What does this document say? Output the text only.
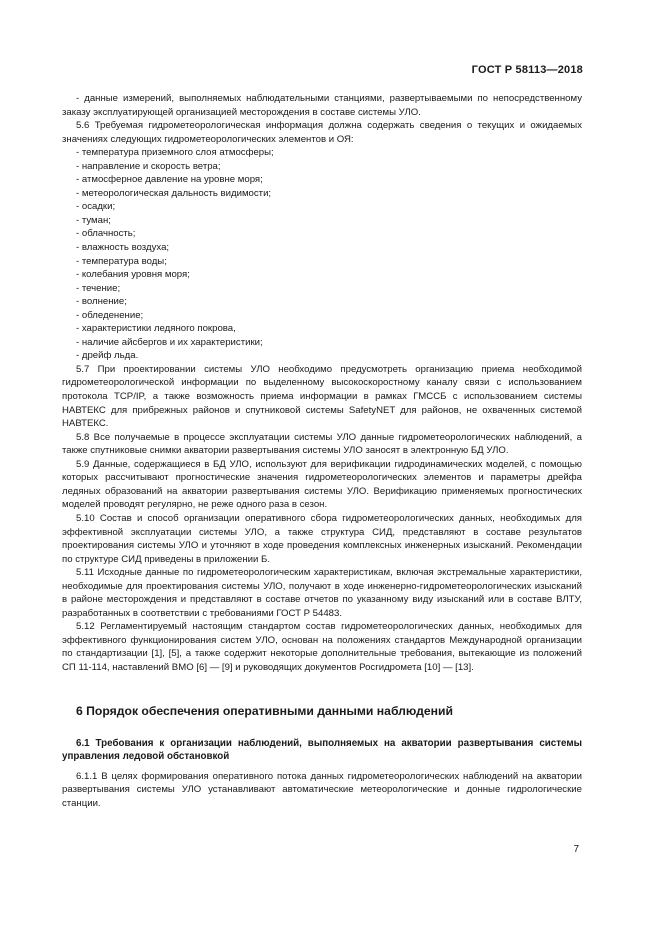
ГОСТ Р 58113—2018

- данные измерений, выполняемых наблюдательными станциями, развертываемыми по непосредственному заказу эксплуатирующей организацией месторождения в составе системы УЛО.

5.6 Требуемая гидрометеорологическая информация должна содержать сведения о текущих и ожидаемых значениях следующих гидрометеорологических элементов и ОЯ:

- температура приземного слоя атмосферы;

- направление и скорость ветра;

- атмосферное давление на уровне моря;

- метеорологическая дальность видимости;

- осадки;

- туман;

- облачность;

- влажность воздуха;

- температура воды;

- колебания уровня моря;

- течение;

- волнение;

- обледенение;

- характеристики ледяного покрова,

- наличие айсбергов и их характеристики;

- дрейф льда.

5.7 При проектировании системы УЛО необходимо предусмотреть организацию приема необходимой гидрометеорологической информации по выделенному высокоскоростному каналу связи с использованием протокола TCP/IP, а также возможность приема информации в рамках ГМССБ с использованием системы НАВТЕКС для прибрежных районов и спутниковой системы SafetyNET для районов, не охваченных системой НАВТЕКС.

5.8 Все получаемые в процессе эксплуатации системы УЛО данные гидрометеорологических наблюдений, а также спутниковые снимки акватории развертывания системы УЛО заносят в электронную БД УЛО.

5.9 Данные, содержащиеся в БД УЛО, используют для верификации гидродинамических моделей, с помощью которых рассчитывают прогностические значения гидрометеорологических элементов и параметры дрейфа ледяных образований на акватории развертывания системы УЛО. Верификацию применяемых прогностических моделей проводят регулярно, не реже одного раза в сезон.

5.10 Состав и способ организации оперативного сбора гидрометеорологических данных, необходимых для эффективной эксплуатации системы УЛО, а также структура СИД, представляют в составе результатов проектирования системы УЛО и уточняют в ходе проведения комплексных инженерных изысканий. Рекомендации по структуре СИД приведены в приложении Б.

5.11 Исходные данные по гидрометеорологическим характеристикам, включая экстремальные характеристики, необходимые для проектирования системы УЛО, получают в ходе инженерно-гидрометеорологических изысканий в районе месторождения и представляют в составе отчетов по указанному виду изысканий или в составе ВЛТУ, разработанных в соответствии с требованиями ГОСТ Р 54483.

5.12 Регламентируемый настоящим стандартом состав гидрометеорологических данных, необходимых для эффективного функционирования систем УЛО, основан на положениях стандартов Международной организации по стандартизации [1], [5], а также содержит некоторые дополнительные требования, вытекающие из положений СП 11-114, наставлений ВМО [6] — [9] и руководящих документов Росгидромета [10] — [13].

6 Порядок обеспечения оперативными данными наблюдений
6.1 Требования к организации наблюдений, выполняемых на акватории развертывания системы управления ледовой обстановкой

6.1.1 В целях формирования оперативного потока данных гидрометеорологических наблюдений на акватории развертывания системы УЛО устанавливают автоматические метеорологические и донные гидрологические станции.

7
